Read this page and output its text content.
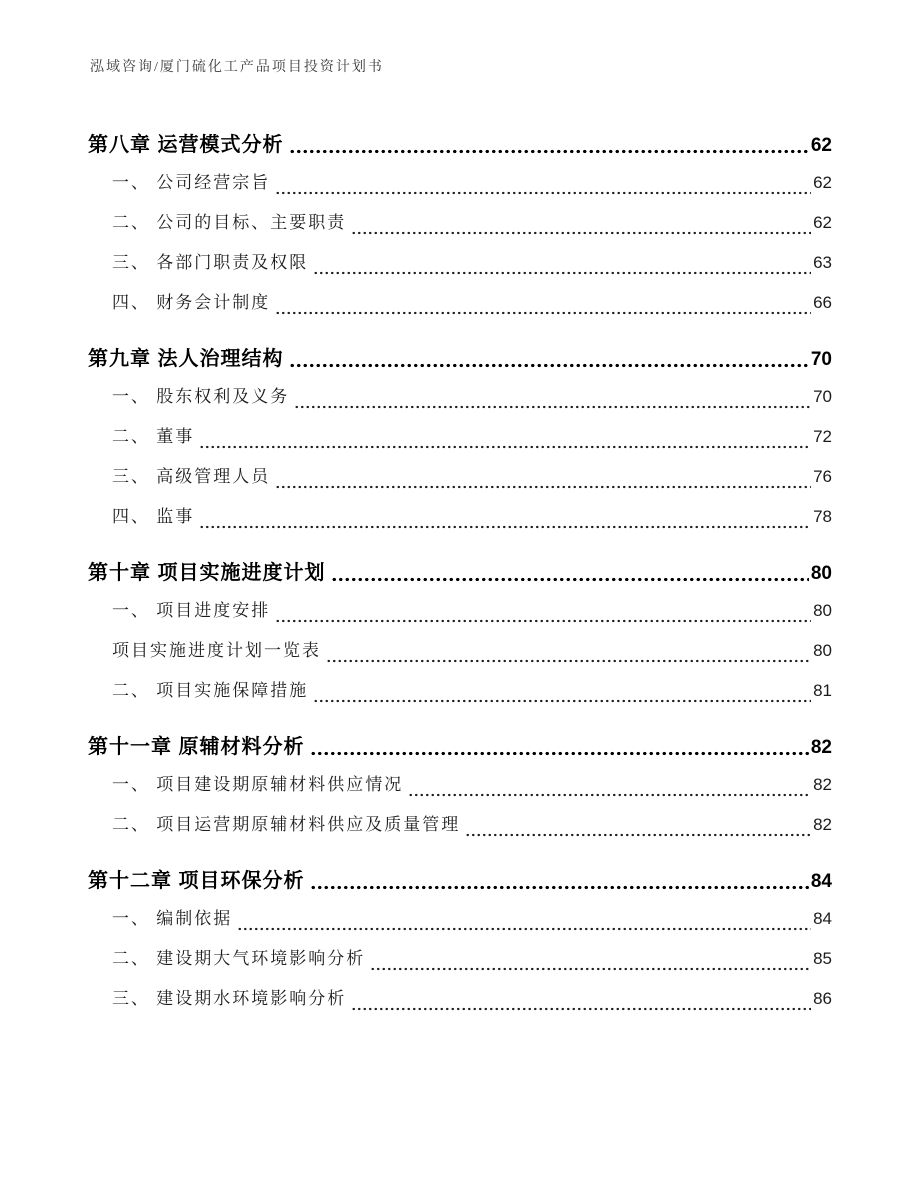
泓域咨询/厦门硫化工产品项目投资计划书
第八章 运营模式分析	62
一、 公司经营宗旨	62
二、 公司的目标、主要职责	62
三、 各部门职责及权限	63
四、 财务会计制度	66
第九章 法人治理结构	70
一、 股东权利及义务	70
二、 董事	72
三、 高级管理人员	76
四、 监事	78
第十章 项目实施进度计划	80
一、 项目进度安排	80
项目实施进度计划一览表	80
二、 项目实施保障措施	81
第十一章 原辅材料分析	82
一、 项目建设期原辅材料供应情况	82
二、 项目运营期原辅材料供应及质量管理	82
第十二章 项目环保分析	84
一、 编制依据	84
二、 建设期大气环境影响分析	85
三、 建设期水环境影响分析	86
